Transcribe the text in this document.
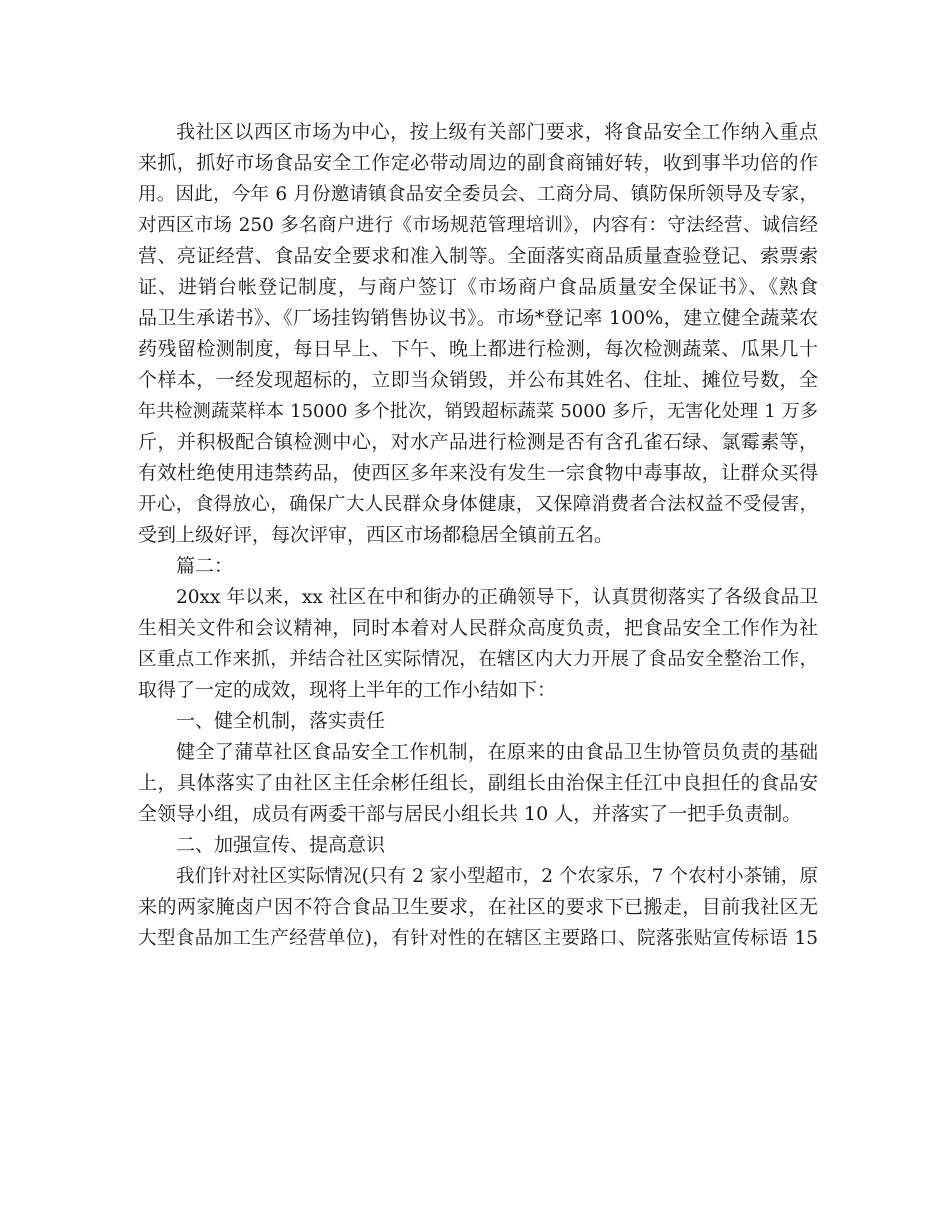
我社区以西区市场为中心，按上级有关部门要求，将食品安全工作纳入重点
来抓，抓好市场食品安全工作定必带动周边的副食商铺好转，收到事半功倍的作
用。因此，今年 6 月份邀请镇食品安全委员会、工商分局、镇防保所领导及专家，
对西区市场 250 多名商户进行《市场规范管理培训》，内容有：守法经营、诚信经
营、亮证经营、食品安全要求和准入制等。全面落实商品质量查验登记、索票索
证、进销台帐登记制度，与商户签订《市场商户食品质量安全保证书》、《熟食
品卫生承诺书》、《厂场挂钩销售协议书》。市场*登记率 100%，建立健全蔬菜农
药残留检测制度，每日早上、下午、晚上都进行检测，每次检测蔬菜、瓜果几十
个样本，一经发现超标的，立即当众销毁，并公布其姓名、住址、摊位号数，全
年共检测蔬菜样本 15000 多个批次，销毁超标蔬菜 5000 多斤，无害化处理 1 万多
斤，并积极配合镇检测中心，对水产品进行检测是否有含孔雀石绿、氯霉素等，
有效杜绝使用违禁药品，使西区多年来没有发生一宗食物中毒事故，让群众买得
开心，食得放心，确保广大人民群众身体健康，又保障消费者合法权益不受侵害，
受到上级好评，每次评审，西区市场都稳居全镇前五名。
篇二：
20xx 年以来，xx 社区在中和街办的正确领导下，认真贯彻落实了各级食品卫
生相关文件和会议精神，同时本着对人民群众高度负责，把食品安全工作作为社
区重点工作来抓，并结合社区实际情况，在辖区内大力开展了食品安全整治工作，
取得了一定的成效，现将上半年的工作小结如下：
一、健全机制，落实责任
健全了蒲草社区食品安全工作机制，在原来的由食品卫生协管员负责的基础
上，具体落实了由社区主任余彬任组长，副组长由治保主任江中良担任的食品安
全领导小组，成员有两委干部与居民小组长共 10 人，并落实了一把手负责制。
二、加强宣传、提高意识
我们针对社区实际情况(只有 2 家小型超市，2 个农家乐，7 个农村小茶铺，原
来的两家腌卤户因不符合食品卫生要求，在社区的要求下已搬走，目前我社区无
大型食品加工生产经营单位)，有针对性的在辖区主要路口、院落张贴宣传标语 15
